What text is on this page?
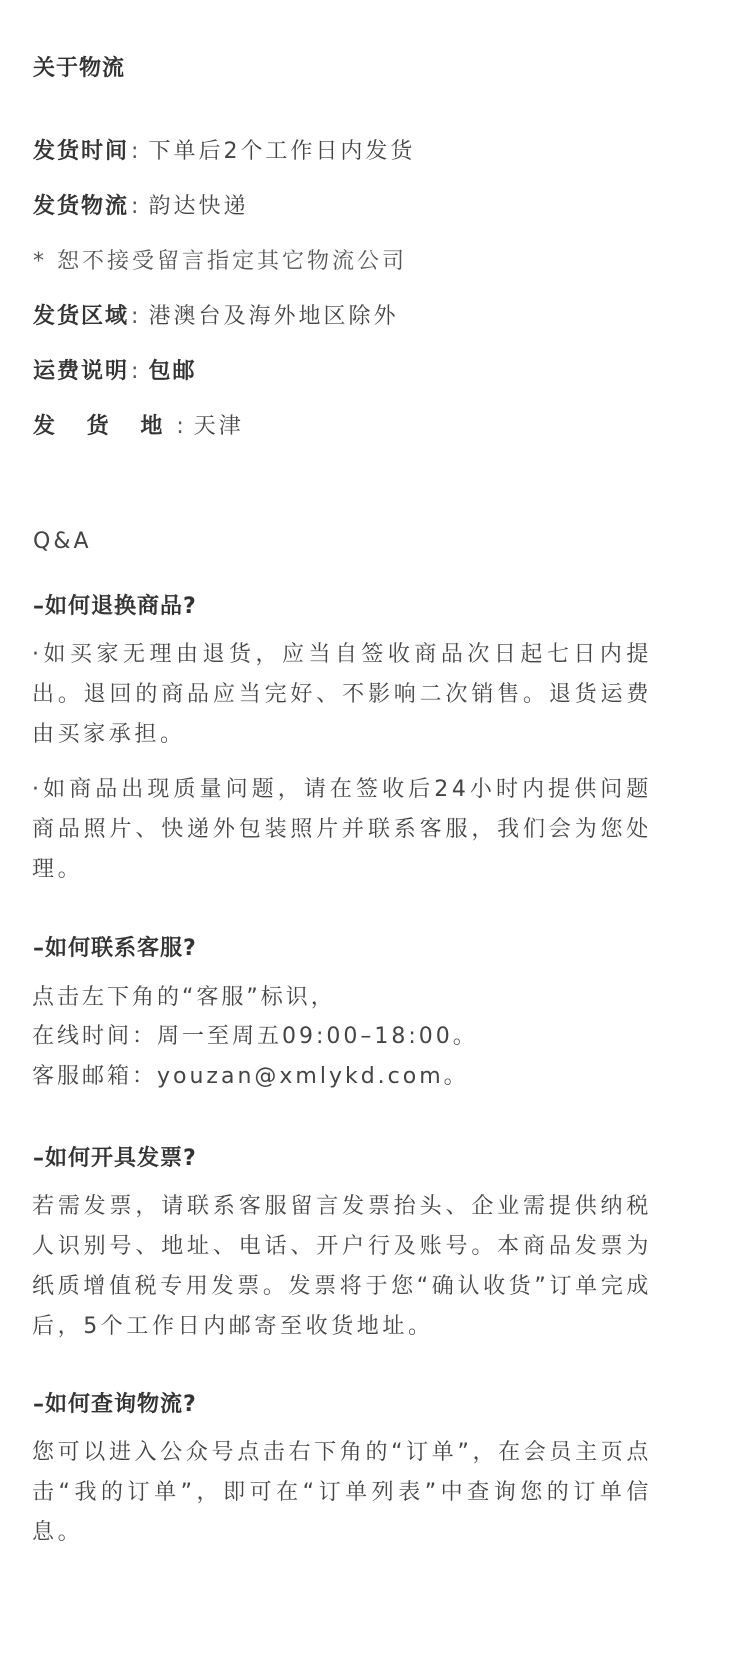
关于物流
发货时间: 下单后2个工作日内发货
发货物流: 韵达快递
* 恕不接受留言指定其它物流公司
发货区域: 港澳台及海外地区除外
运费说明: 包邮
发 货 地: 天津
Q&A
–如何退换商品?
·如买家无理由退货，应当自签收商品次日起七日内提出。退回的商品应当完好、不影响二次销售。退货运费由买家承担。
·如商品出现质量问题，请在签收后24小时内提供问题商品照片、快递外包装照片并联系客服，我们会为您处理。
–如何联系客服?
点击左下角的“客服”标识，
在线时间：周一至周五09:00–18:00。
客服邮箱：youzan@xmlykd.com。
–如何开具发票?
若需发票，请联系客服留言发票抬头、企业需提供纳税人识别号、地址、电话、开户行及账号。本商品发票为纸质增值税专用发票。发票将于您“确认收货”订单完成后，5个工作日内邮寄至收货地址。
–如何查询物流?
您可以进入公众号点击右下角的“订单”，在会员主页点击“我的订单”，即可在“订单列表”中查询您的订单信息。
